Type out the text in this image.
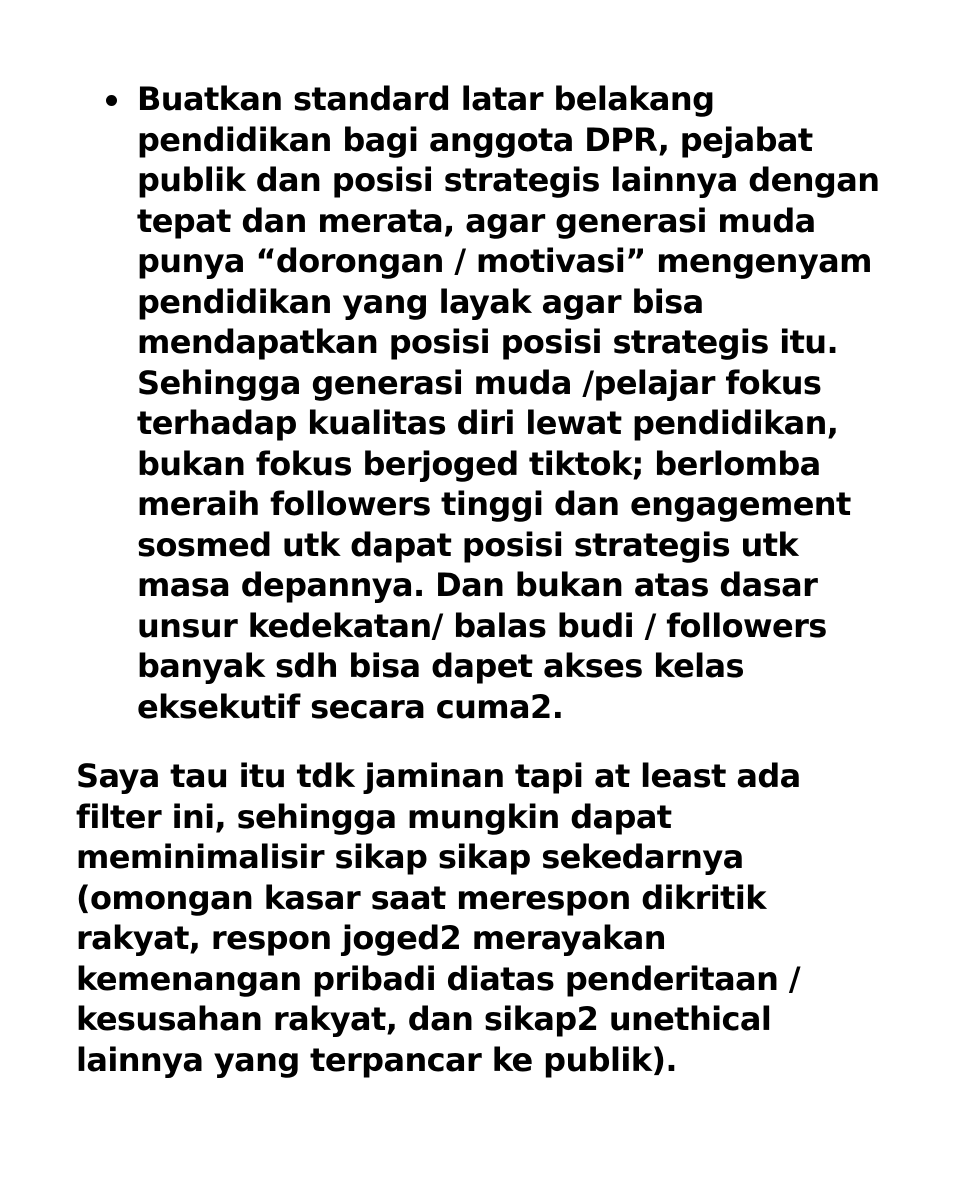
Buatkan standard latar belakang
pendidikan bagi anggota DPR, pejabat
publik dan posisi strategis lainnya dengan
tepat dan merata, agar generasi muda
punya “dorongan / motivasi” mengenyam
pendidikan yang layak agar bisa
mendapatkan posisi posisi strategis itu.
Sehingga generasi muda /pelajar fokus
terhadap kualitas diri lewat pendidikan,
bukan fokus berjoged tiktok; berlomba
meraih followers tinggi dan engagement
sosmed utk dapat posisi strategis utk
masa depannya. Dan bukan atas dasar
unsur kedekatan/ balas budi / followers
banyak sdh bisa dapet akses kelas
eksekutif secara cuma2.

Saya tau itu tdk jaminan tapi at least ada
filter ini, sehingga mungkin dapat
meminimalisir sikap sikap sekedarnya
(omongan kasar saat merespon dikritik
rakyat, respon joged2 merayakan
kemenangan pribadi diatas penderitaan /
kesusahan rakyat, dan sikap2 unethical
lainnya yang terpancar ke publik).
